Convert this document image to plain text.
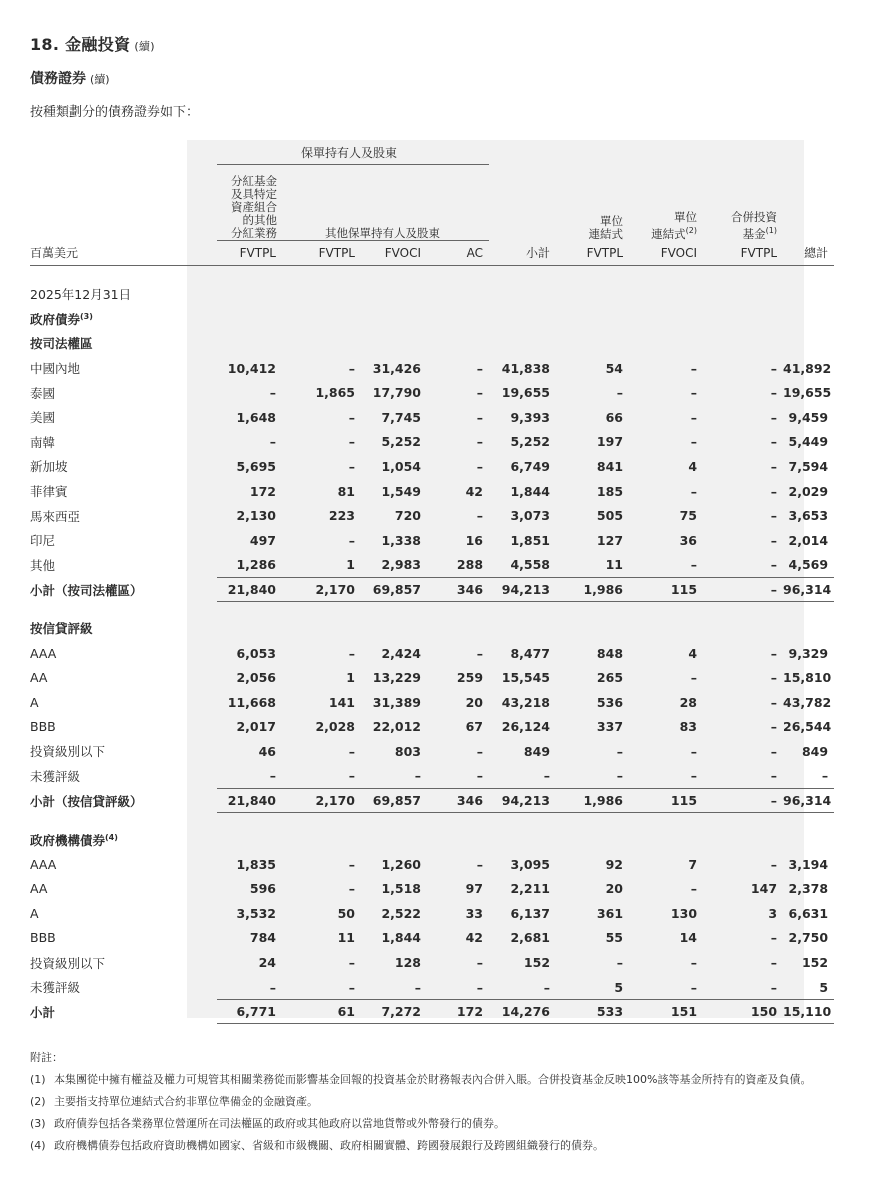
18. 金融投資 (續)
債務證券 (續)
按種類劃分的債務證券如下：
	保單持有人及股東								
	分紅基金
及具特定
資產組合
的其他
分紅業務	其他保單持有人及股東				單位
連結式	單位
連結式$^{(2)}$	合併投資
基金$^{(1)}$	
百萬美元	FVTPL	FVTPL	FVOCI	AC	小計	FVTPL	FVOCI	FVTPL	總計

2025年12月31日									
政府債券$^{(3)}$
按司法權區									
中國內地	10,412	–	31,426	–	41,838	54	–	–	41,892
泰國	–	1,865	17,790	–	19,655	–	–	–	19,655
美國	1,648	–	7,745	–	9,393	66	–	–	9,459
南韓	–	–	5,252	–	5,252	197	–	–	5,449
新加坡	5,695	–	1,054	–	6,749	841	4	–	7,594
菲律賓	172	81	1,549	42	1,844	185	–	–	2,029
馬來西亞	2,130	223	720	–	3,073	505	75	–	3,653
印尼	497	–	1,338	16	1,851	127	36	–	2,014
其他	1,286	1	2,983	288	4,558	11	–	–	4,569
小計（按司法權區）	21,840	2,170	69,857	346	94,213	1,986	115	–	96,314

按信貸評級									
AAA	6,053	–	2,424	–	8,477	848	4	–	9,329
AA	2,056	1	13,229	259	15,545	265	–	–	15,810
A	11,668	141	31,389	20	43,218	536	28	–	43,782
BBB	2,017	2,028	22,012	67	26,124	337	83	–	26,544
投資級別以下	46	–	803	–	849	–	–	–	849
未獲評級	–	–	–	–	–	–	–	–	–
小計（按信貸評級）	21,840	2,170	69,857	346	94,213	1,986	115	–	96,314

政府機構債券$^{(4)}$
AAA	1,835	–	1,260	–	3,095	92	7	–	3,194
AA	596	–	1,518	97	2,211	20	–	147	2,378
A	3,532	50	2,522	33	6,137	361	130	3	6,631
BBB	784	11	1,844	42	2,681	55	14	–	2,750
投資級別以下	24	–	128	–	152	–	–	–	152
未獲評級	–	–	–	–	–	5	–	–	5
小計	6,771	61	7,272	172	14,276	533	151	150	15,110
附註：
(1) 本集團從中擁有權益及權力可規管其相關業務從而影響基金回報的投資基金於財務報表內合併入賬。合併投資基金反映100%該等基金所持有的資產及負債。
(2) 主要指支持單位連結式合約非單位準備金的金融資產。
(3) 政府債券包括各業務單位營運所在司法權區的政府或其他政府以當地貨幣或外幣發行的債券。
(4) 政府機構債券包括政府資助機構如國家、省級和市級機關、政府相關實體、跨國發展銀行及跨國組織發行的債券。
